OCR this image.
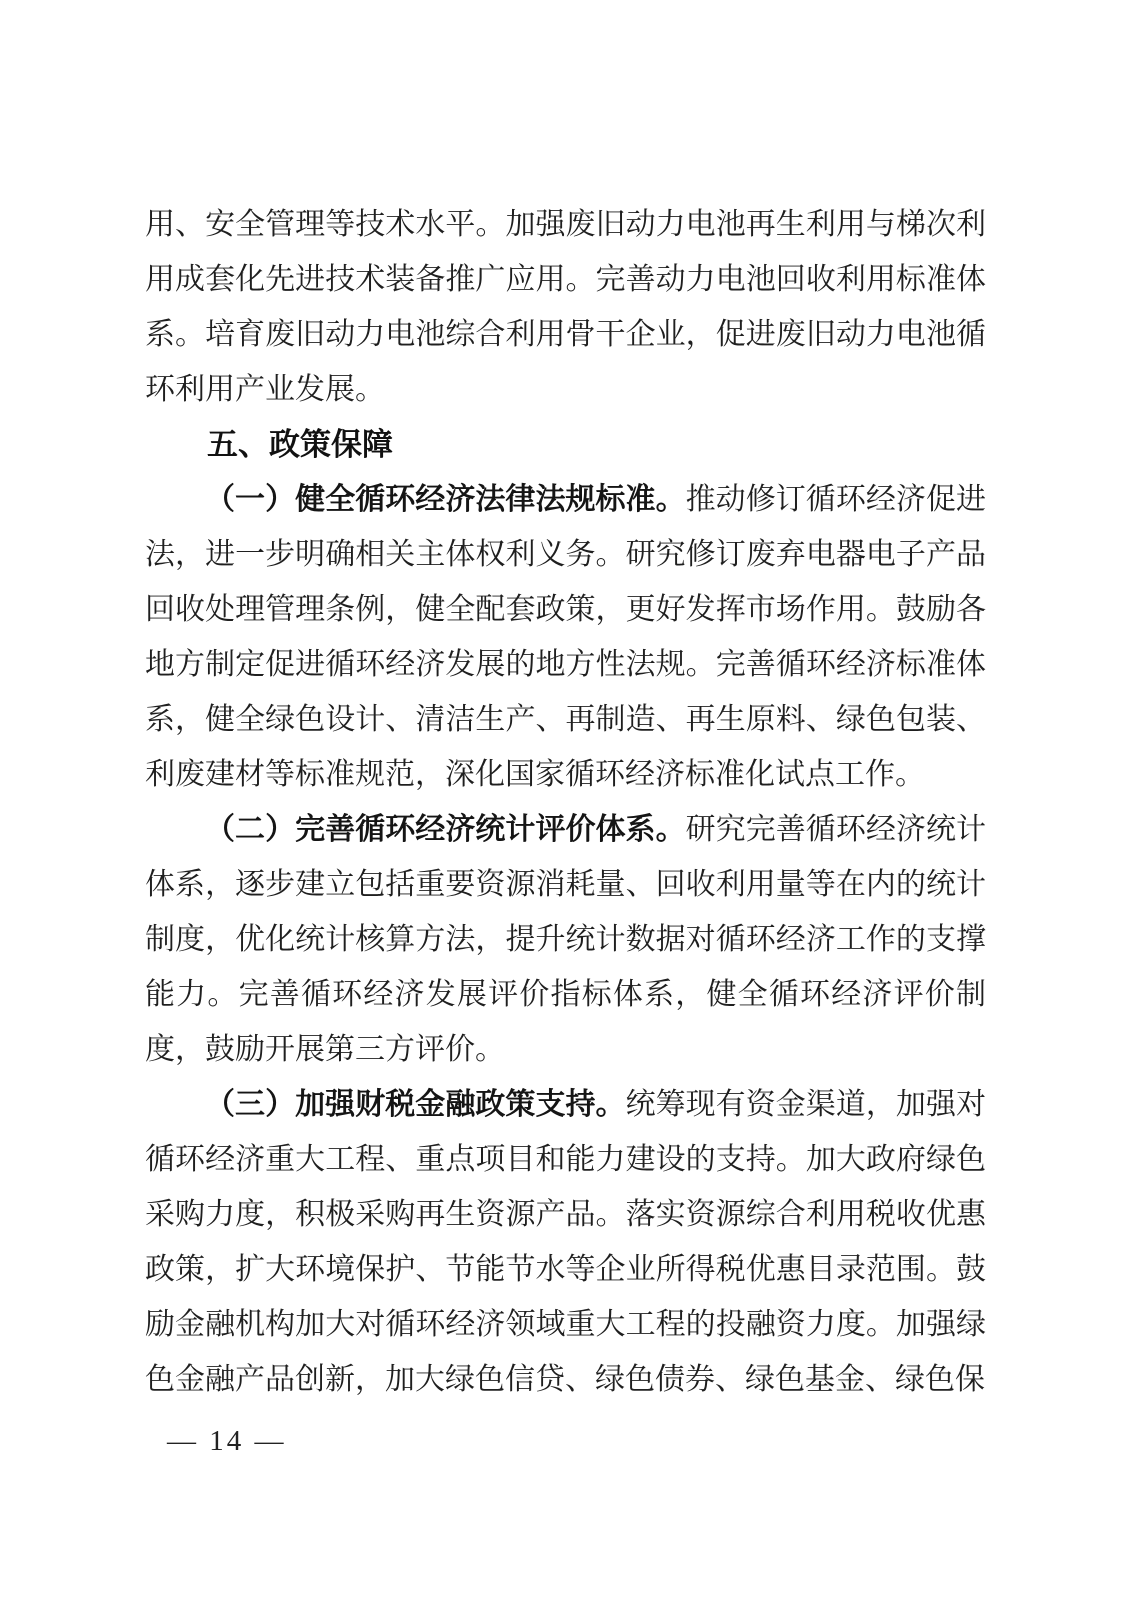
用、安全管理等技术水平。加强废旧动力电池再生利用与梯次利用成套化先进技术装备推广应用。完善动力电池回收利用标准体系。培育废旧动力电池综合利用骨干企业，促进废旧动力电池循环利用产业发展。

五、政策保障

（一）健全循环经济法律法规标准。推动修订循环经济促进法，进一步明确相关主体权利义务。研究修订废弃电器电子产品回收处理管理条例，健全配套政策，更好发挥市场作用。鼓励各地方制定促进循环经济发展的地方性法规。完善循环经济标准体系，健全绿色设计、清洁生产、再制造、再生原料、绿色包装、利废建材等标准规范，深化国家循环经济标准化试点工作。

（二）完善循环经济统计评价体系。研究完善循环经济统计体系，逐步建立包括重要资源消耗量、回收利用量等在内的统计制度，优化统计核算方法，提升统计数据对循环经济工作的支撑能力。完善循环经济发展评价指标体系，健全循环经济评价制度，鼓励开展第三方评价。

（三）加强财税金融政策支持。统筹现有资金渠道，加强对循环经济重大工程、重点项目和能力建设的支持。加大政府绿色采购力度，积极采购再生资源产品。落实资源综合利用税收优惠政策，扩大环境保护、节能节水等企业所得税优惠目录范围。鼓励金融机构加大对循环经济领域重大工程的投融资力度。加强绿色金融产品创新，加大绿色信贷、绿色债券、绿色基金、绿色保

— 14 —
